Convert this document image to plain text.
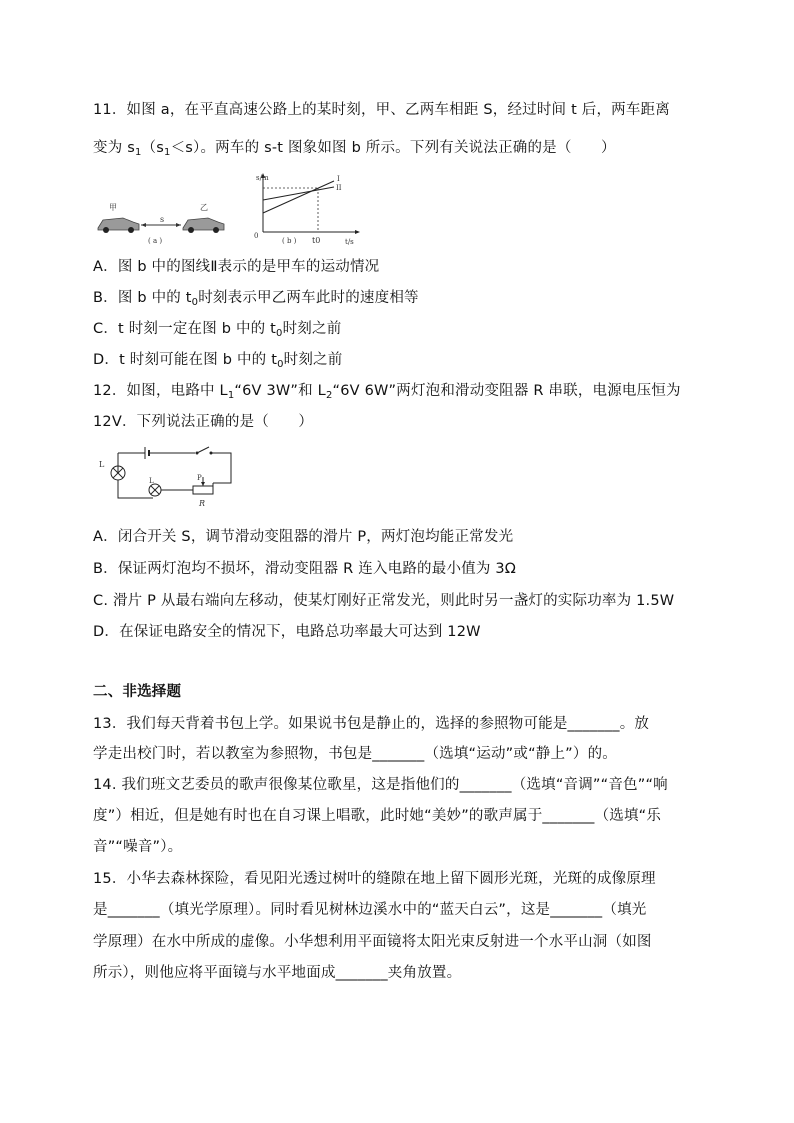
11．如图 a，在平直高速公路上的某时刻，甲、乙两车相距 S，经过时间 t 后，两车距离
变为 $s_1(s_1<s)$。两车的 s-t 图象如图 b 所示。下列有关说法正确的是（　　）
甲	乙
s
( a )
s/m
t/s
0
I
II
t0
( b )
A．图 b 中的图线Ⅱ表示的是甲车的运动情况
B．图 b 中的 $t_0$时刻表示甲乙两车此时的速度相等
C．t 时刻一定在图 b 中的 $t_0$时刻之前
D．t 时刻可能在图 b 中的 $t_0$时刻之前
12．如图，电路中 $L_1“6V$ 3W”和 $L_2“6V$ 6W”两灯泡和滑动变阻器 R 串联，电源电压恒为
12V．下列说法正确的是（　　）
L
L	P
R
A．闭合开关 S，调节滑动变阻器的滑片 P，两灯泡均能正常发光
B．保证两灯泡均不损坏，滑动变阻器 R 连入电路的最小值为 3Ω
C. 滑片 P 从最右端向左移动，使某灯刚好正常发光，则此时另一盏灯的实际功率为 1.5W
D．在保证电路安全的情况下，电路总功率最大可达到 12W
二、非选择题
13．我们每天背着书包上学。如果说书包是静止的，选择的参照物可能是_______。放
学走出校门时，若以教室为参照物，书包是_______（选填“运动”或“静上”）的。
14. 我们班文艺委员的歌声很像某位歌星，这是指他们的_______（选填“音调”“音色”“响
度”）相近，但是她有时也在自习课上唱歌，此时她“美妙”的歌声属于_______（选填“乐
音”“噪音”）。
15．小华去森林探险，看见阳光透过树叶的缝隙在地上留下圆形光斑，光斑的成像原理
是_______（填光学原理）。同时看见树林边溪水中的“蓝天白云”，这是_______（填光
学原理）在水中所成的虚像。小华想利用平面镜将太阳光束反射进一个水平山洞（如图
所示），则他应将平面镜与水平地面成_______夹角放置。
